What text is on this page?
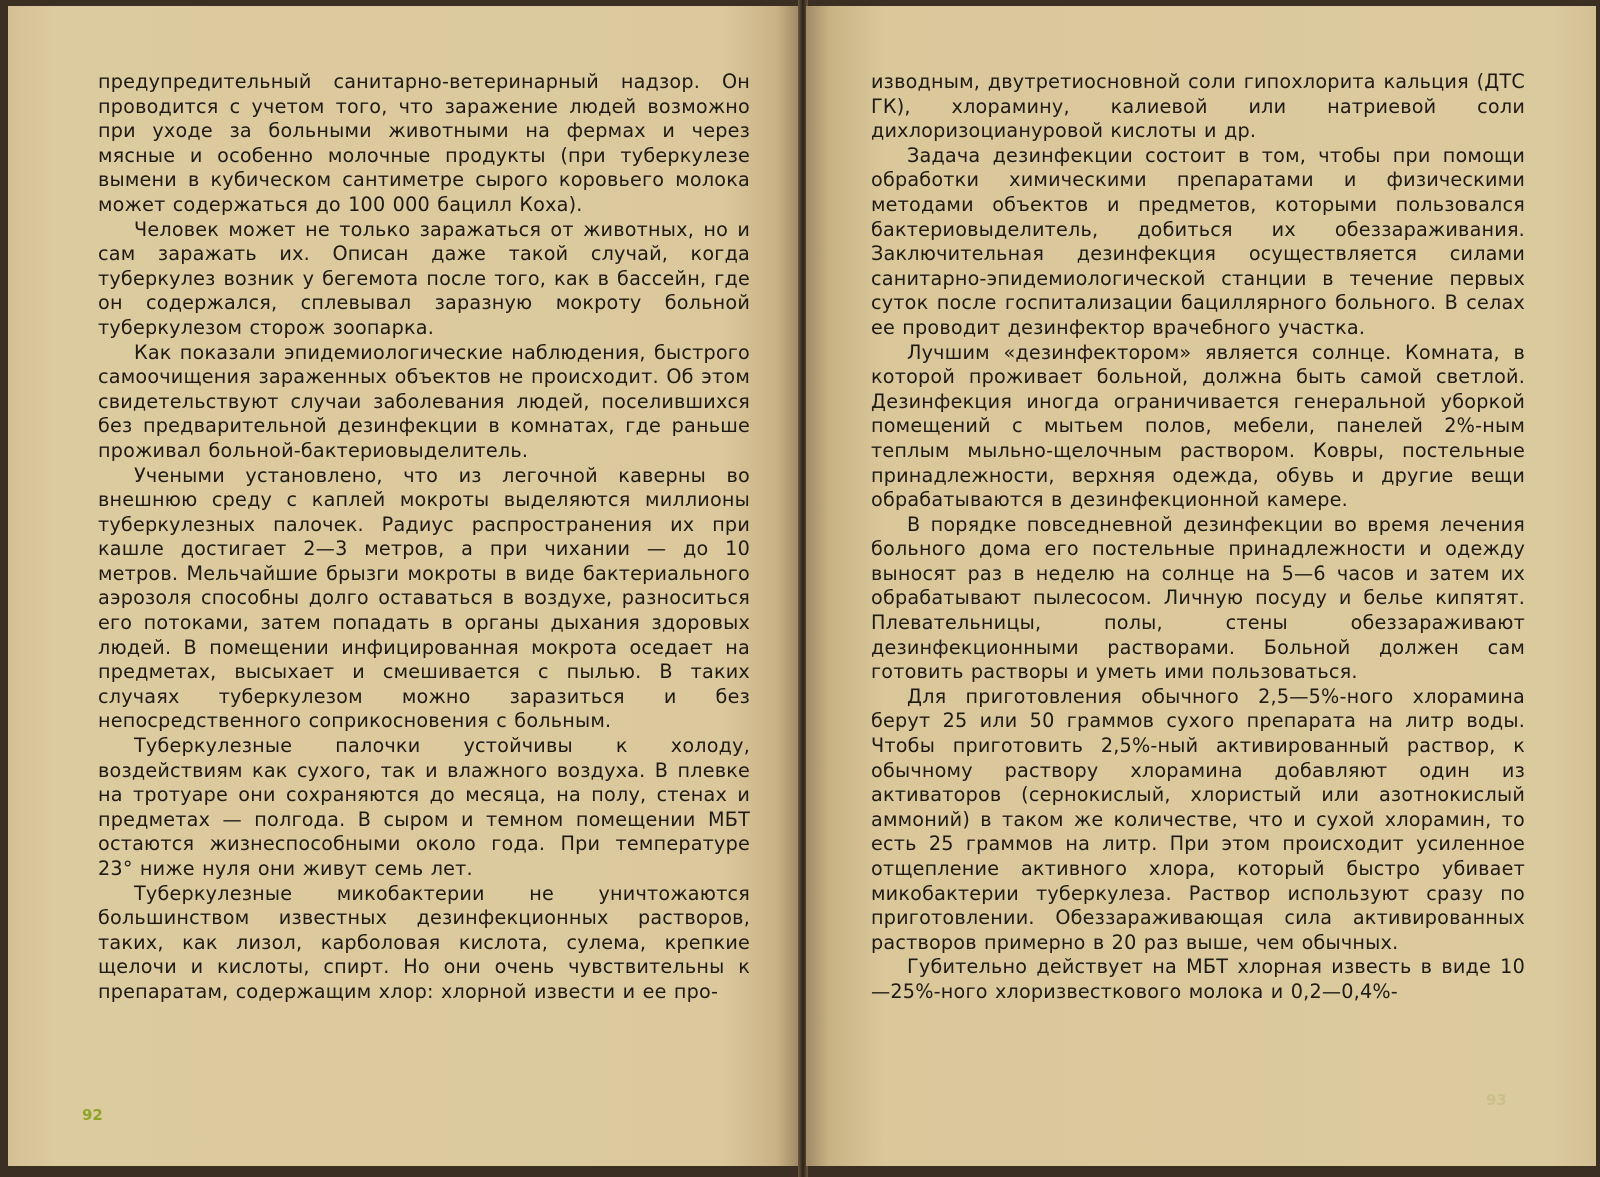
предупредительный санитарно-ветеринарный надзор. Он проводится с учетом того, что заражение людей возможно при уходе за больными животными на фермах и через мясные и особенно молочные продукты (при туберкулезе вымени в кубическом сантиметре сырого коровьего молока может содержаться до 100 000 бацилл Коха).

Человек может не только заражаться от животных, но и сам заражать их. Описан даже такой случай, когда туберкулез возник у бегемота после того, как в бассейн, где он содержался, сплевывал заразную мокроту больной туберкулезом сторож зоопарка.

Как показали эпидемиологические наблюдения, быстрого самоочищения зараженных объектов не происходит. Об этом свидетельствуют случаи заболевания людей, поселившихся без предварительной дезинфекции в комнатах, где раньше проживал больной-бактериовыделитель.

Учеными установлено, что из легочной каверны во внешнюю среду с каплей мокроты выделяются миллионы туберкулезных палочек. Радиус распространения их при кашле достигает 2—3 метров, а при чихании — до 10 метров. Мельчайшие брызги мокроты в виде бактериального аэрозоля способны долго оставаться в воздухе, разноситься его потоками, затем попадать в органы дыхания здоровых людей. В помещении инфицированная мокрота оседает на предметах, высыхает и смешивается с пылью. В таких случаях туберкулезом можно заразиться и без непосредственного соприкосновения с больным.

Туберкулезные палочки устойчивы к холоду, воздействиям как сухого, так и влажного воздуха. В плевке на тротуаре они сохраняются до месяца, на полу, стенах и предметах — полгода. В сыром и темном помещении МБТ остаются жизнеспособными около года. При температуре 23° ниже нуля они живут семь лет.

Туберкулезные микобактерии не уничтожаются большинством известных дезинфекционных растворов, таких, как лизол, карболовая кислота, сулема, крепкие щелочи и кислоты, спирт. Но они очень чувствительны к препаратам, содержащим хлор: хлорной извести и ее про-

92

изводным, двутретиосновной соли гипохлорита кальция (ДТС ГК), хлорамину, калиевой или натриевой соли дихлоризоциануровой кислоты и др.

Задача дезинфекции состоит в том, чтобы при помощи обработки химическими препаратами и физическими методами объектов и предметов, которыми пользовался бактериовыделитель, добиться их обеззараживания. Заключительная дезинфекция осуществляется силами санитарно-эпидемиологической станции в течение первых суток после госпитализации бациллярного больного. В селах ее проводит дезинфектор врачебного участка.

Лучшим «дезинфектором» является солнце. Комната, в которой проживает больной, должна быть самой светлой. Дезинфекция иногда ограничивается генеральной уборкой помещений с мытьем полов, мебели, панелей 2%-ным теплым мыльно-щелочным раствором. Ковры, постельные принадлежности, верхняя одежда, обувь и другие вещи обрабатываются в дезинфекционной камере.

В порядке повседневной дезинфекции во время лечения больного дома его постельные принадлежности и одежду выносят раз в неделю на солнце на 5—6 часов и затем их обрабатывают пылесосом. Личную посуду и белье кипятят. Плевательницы, полы, стены обеззараживают дезинфекционными растворами. Больной должен сам готовить растворы и уметь ими пользоваться.

Для приготовления обычного 2,5—5%-ного хлорамина берут 25 или 50 граммов сухого препарата на литр воды. Чтобы приготовить 2,5%-ный активированный раствор, к обычному раствору хлорамина добавляют один из активаторов (сернокислый, хлористый или азотнокислый аммоний) в таком же количестве, что и сухой хлорамин, то есть 25 граммов на литр. При этом происходит усиленное отщепление активного хлора, который быстро убивает микобактерии туберкулеза. Раствор используют сразу по приготовлении. Обеззараживающая сила активированных растворов примерно в 20 раз выше, чем обычных.

Губительно действует на МБТ хлорная известь в виде 10—25%-ного хлоризвесткового молока и 0,2—0,4%-

93
